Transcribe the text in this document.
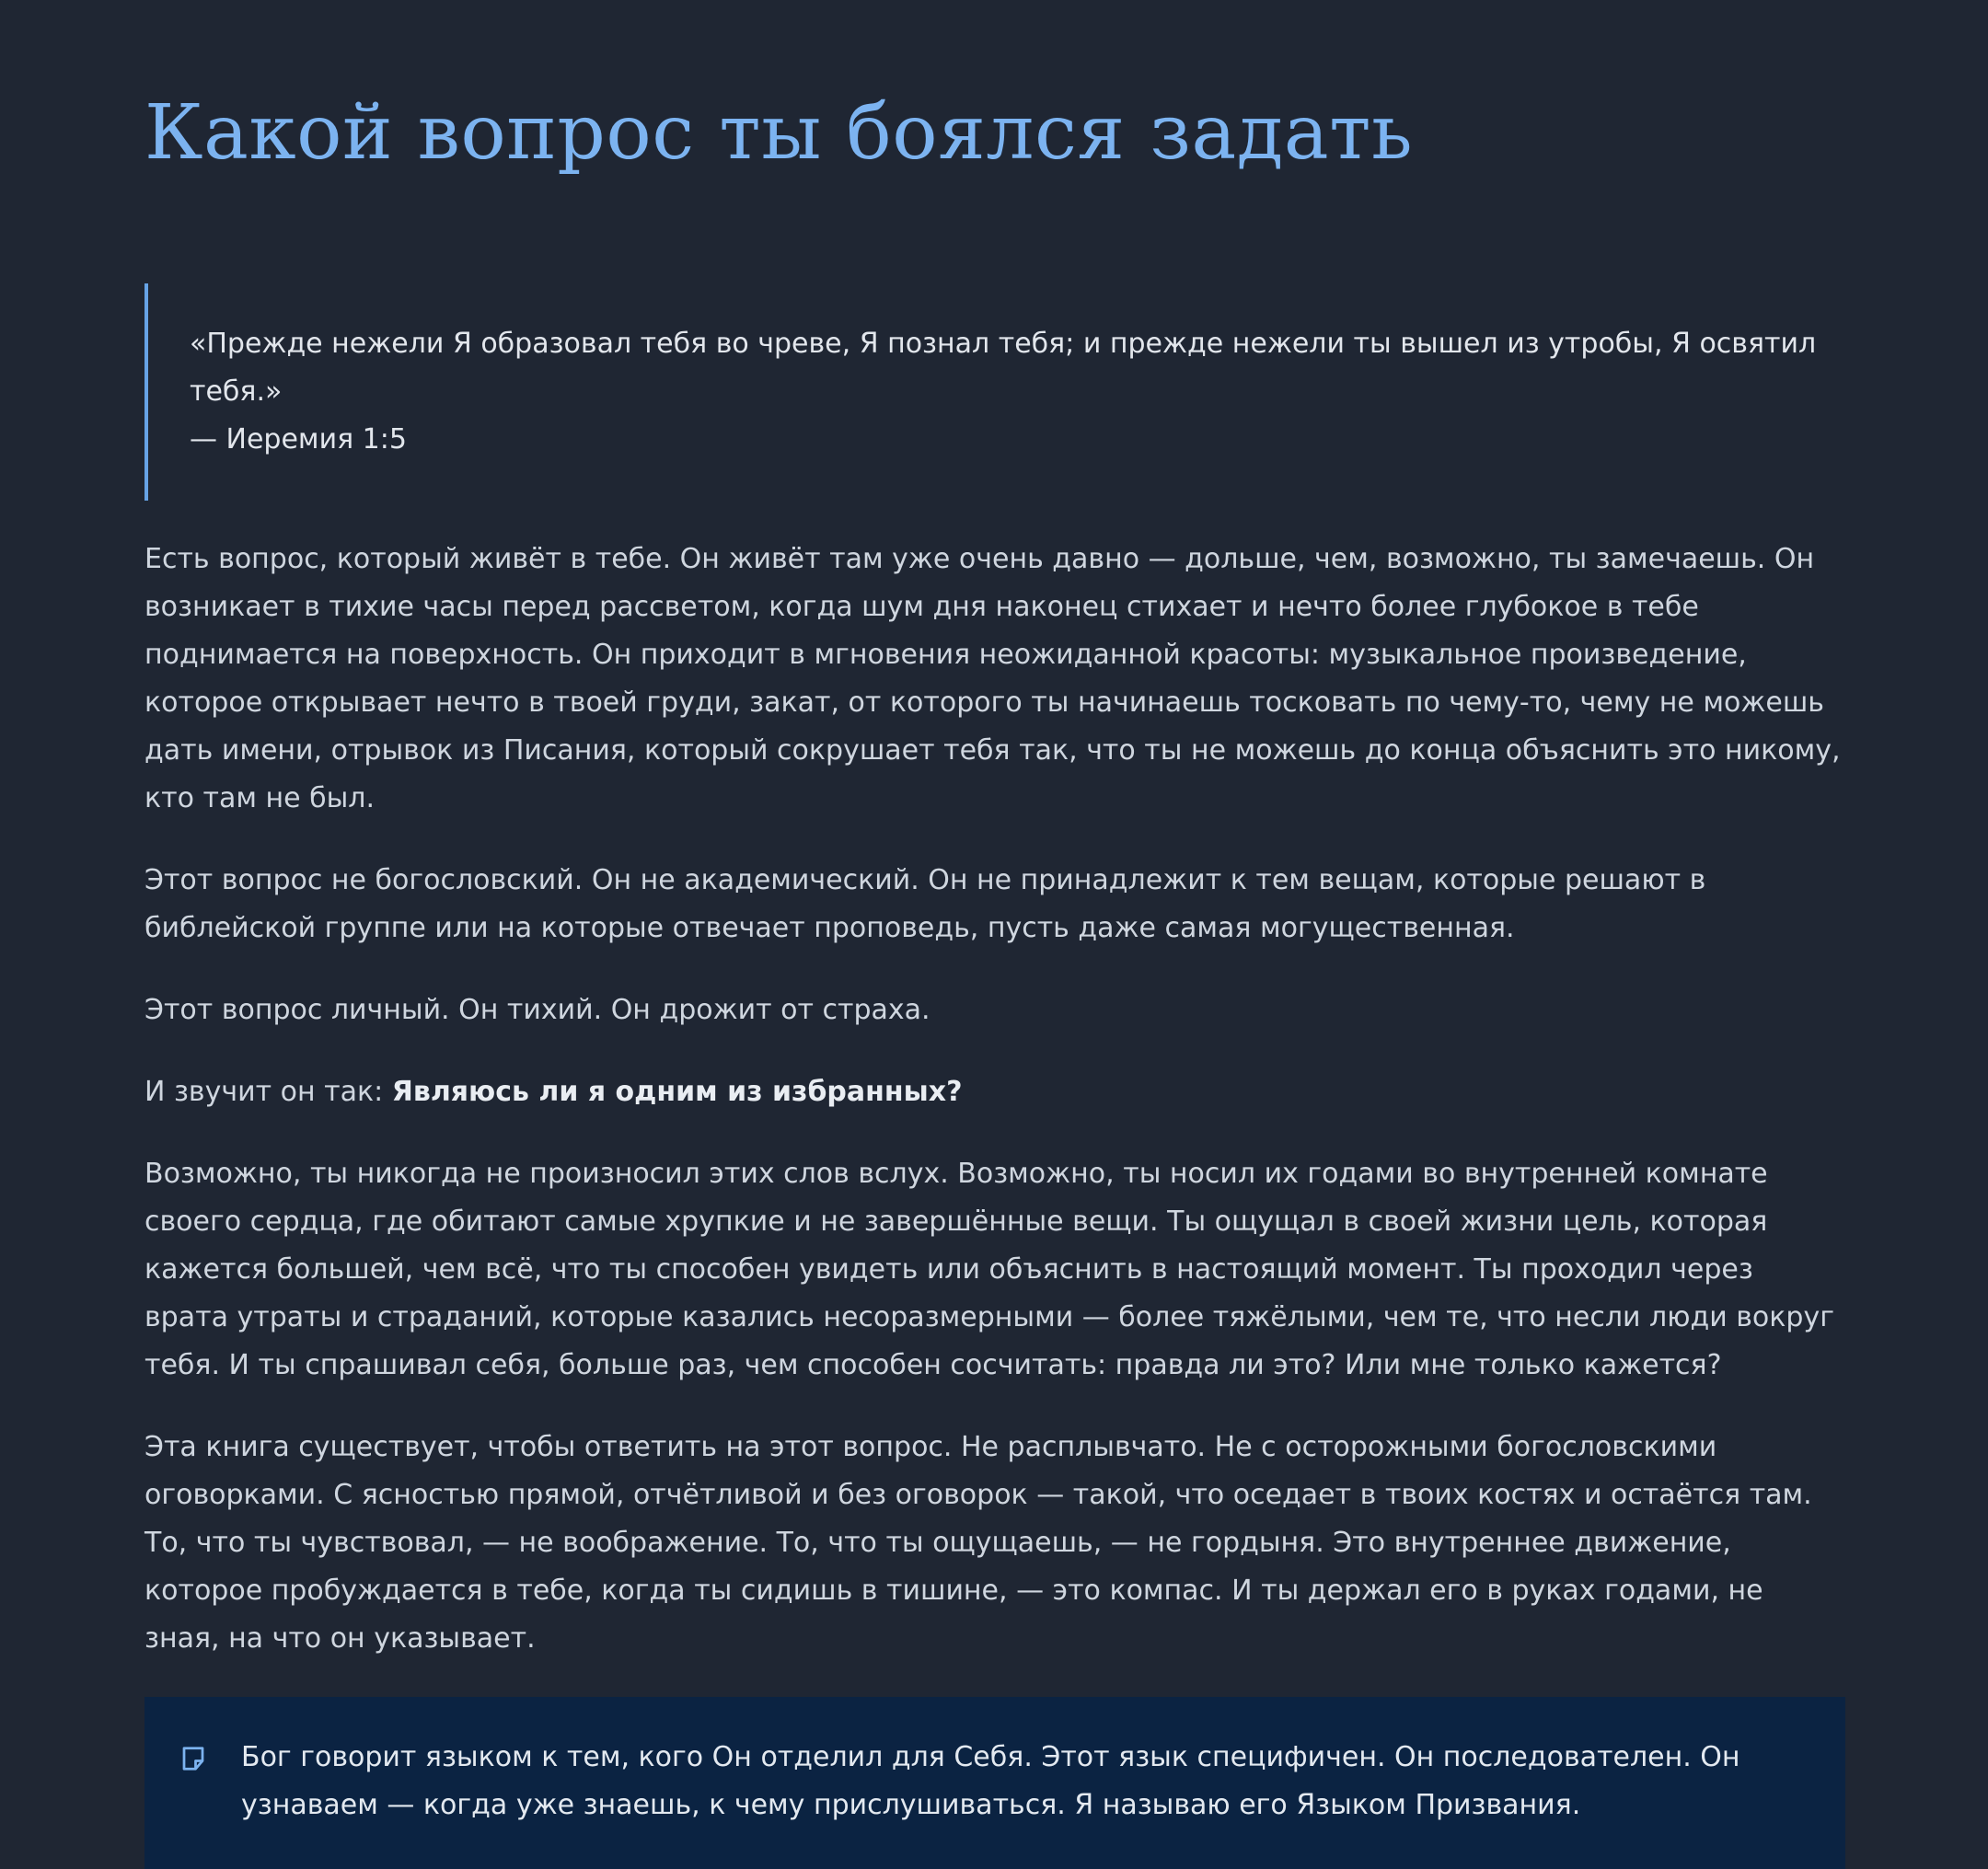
Какой вопрос ты боялся задать

«Прежде нежели Я образовал тебя во чреве, Я познал тебя; и прежде нежели ты вышел из утробы, Я освятил тебя.»

— Иеремия 1:5

Есть вопрос, который живёт в тебе. Он живёт там уже очень давно — дольше, чем, возможно, ты замечаешь. Он возникает в тихие часы перед рассветом, когда шум дня наконец стихает и нечто более глубокое в тебе поднимается на поверхность. Он приходит в мгновения неожиданной красоты: музыкальное произведение, которое открывает нечто в твоей груди, закат, от которого ты начинаешь тосковать по чему-то, чему не можешь дать имени, отрывок из Писания, который сокрушает тебя так, что ты не можешь до конца объяснить это никому, кто там не был.

Этот вопрос не богословский. Он не академический. Он не принадлежит к тем вещам, которые решают в библейской группе или на которые отвечает проповедь, пусть даже самая могущественная.

Этот вопрос личный. Он тихий. Он дрожит от страха.

И звучит он так: Являюсь ли я одним из избранных?

Возможно, ты никогда не произносил этих слов вслух. Возможно, ты носил их годами во внутренней комнате своего сердца, где обитают самые хрупкие и не завершённые вещи. Ты ощущал в своей жизни цель, которая кажется большей, чем всё, что ты способен увидеть или объяснить в настоящий момент. Ты проходил через врата утраты и страданий, которые казались несоразмерными — более тяжёлыми, чем те, что несли люди вокруг тебя. И ты спрашивал себя, больше раз, чем способен сосчитать: правда ли это? Или мне только кажется?

Эта книга существует, чтобы ответить на этот вопрос. Не расплывчато. Не с осторожными богословскими оговорками. С ясностью прямой, отчётливой и без оговорок — такой, что оседает в твоих костях и остаётся там. То, что ты чувствовал, — не воображение. То, что ты ощущаешь, — не гордыня. Это внутреннее движение, которое пробуждается в тебе, когда ты сидишь в тишине, — это компас. И ты держал его в руках годами, не зная, на что он указывает.

Бог говорит языком к тем, кого Он отделил для Себя. Этот язык специфичен. Он последователен. Он узнаваем — когда уже знаешь, к чему прислушиваться. Я называю его Языком Призвания.
